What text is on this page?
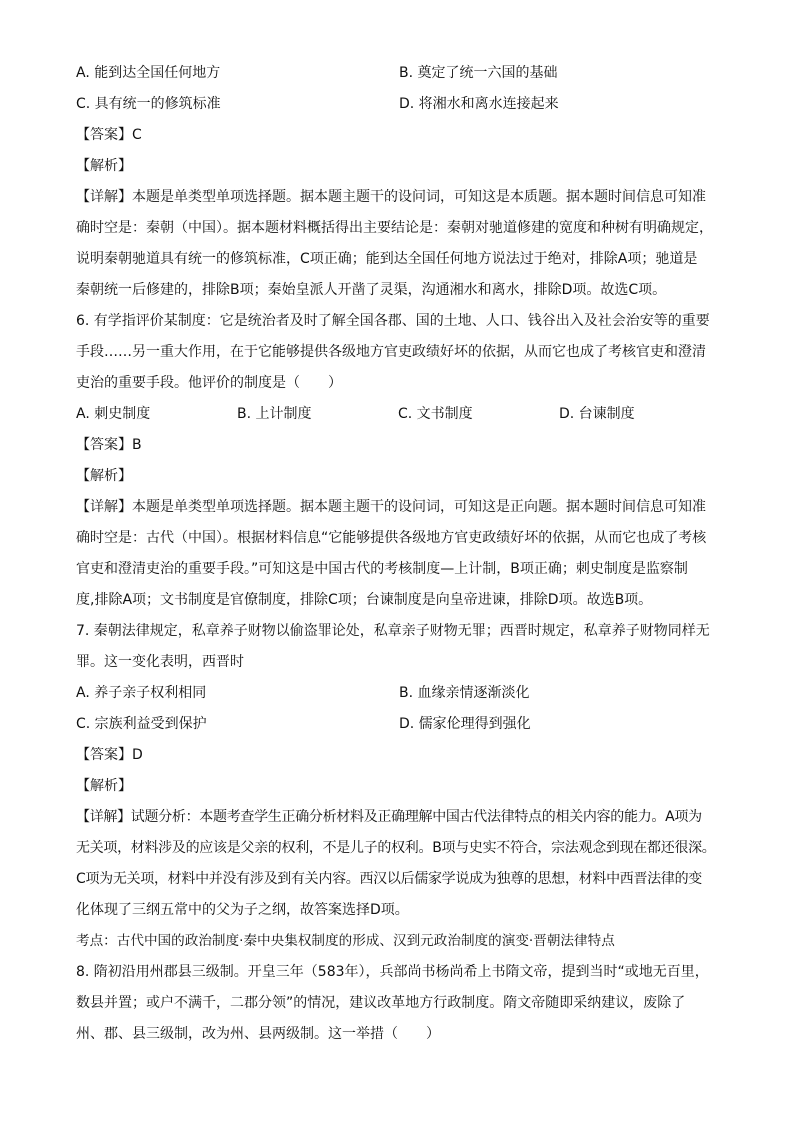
A. 能到达全国任何地方	B. 奠定了统一六国的基础
C. 具有统一的修筑标准	D. 将湘水和离水连接起来
【答案】C
【解析】
【详解】本题是单类型单项选择题。据本题主题干的设问词，可知这是本质题。据本题时间信息可知准
确时空是：秦朝（中国）。据本题材料概括得出主要结论是：秦朝对驰道修建的宽度和种树有明确规定，
说明秦朝驰道具有统一的修筑标准，C项正确；能到达全国任何地方说法过于绝对，排除A项；驰道是
秦朝统一后修建的，排除B项；秦始皇派人开凿了灵渠，沟通湘水和离水，排除D项。故选C项。
6. 有学指评价某制度：它是统治者及时了解全国各郡、国的土地、人口、钱谷出入及社会治安等的重要
手段……另一重大作用，在于它能够提供各级地方官吏政绩好坏的依据，从而它也成了考核官吏和澄清
吏治的重要手段。他评价的制度是（　　）
A. 刺史制度	B. 上计制度	C. 文书制度	D. 台谏制度
【答案】B
【解析】
【详解】本题是单类型单项选择题。据本题主题干的设问词，可知这是正向题。据本题时间信息可知准
确时空是：古代（中国）。根据材料信息“它能够提供各级地方官吏政绩好坏的依据，从而它也成了考核
官吏和澄清吏治的重要手段。”可知这是中国古代的考核制度—上计制，B项正确；刺史制度是监察制
度,排除A项；文书制度是官僚制度，排除C项；台谏制度是向皇帝进谏，排除D项。故选B项。
7. 秦朝法律规定，私章养子财物以偷盗罪论处，私章亲子财物无罪；西晋时规定，私章养子财物同样无
罪。这一变化表明，西晋时
A. 养子亲子权利相同	B. 血缘亲情逐渐淡化
C. 宗族利益受到保护	D. 儒家伦理得到强化
【答案】D
【解析】
【详解】试题分析：本题考查学生正确分析材料及正确理解中国古代法律特点的相关内容的能力。A项为
无关项，材料涉及的应该是父亲的权利，不是儿子的权利。B项与史实不符合，宗法观念到现在都还很深。
C项为无关项，材料中并没有涉及到有关内容。西汉以后儒家学说成为独尊的思想，材料中西晋法律的变
化体现了三纲五常中的父为子之纲，故答案选择D项。
考点：古代中国的政治制度·秦中央集权制度的形成、汉到元政治制度的演变·晋朝法律特点
8. 隋初沿用州郡县三级制。开皇三年（583年），兵部尚书杨尚希上书隋文帝，提到当时“或地无百里，
数县并置；或户不满千，二郡分领”的情况，建议改革地方行政制度。隋文帝随即采纳建议，废除了
州、郡、县三级制，改为州、县两级制。这一举措（　　）
